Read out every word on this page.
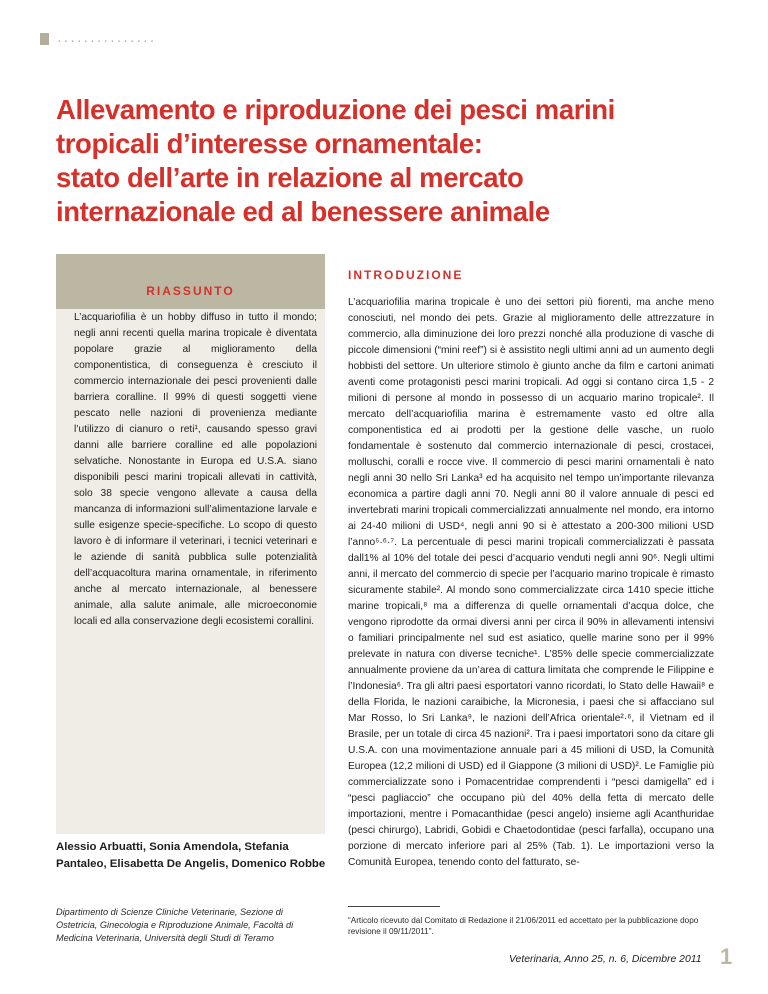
...............
Allevamento e riproduzione dei pesci marini
tropicali d’interesse ornamentale:
stato dell’arte in relazione al mercato
internazionale ed al benessere animale
RIASSUNTO

L’acquariofilia è un hobby diffuso in tutto il mondo; negli anni recenti quella marina tropicale è diventata popolare grazie al miglioramento della componentistica, di conseguenza è cresciuto il commercio internazionale dei pesci provenienti dalle barriera coralline. Il 99% di questi soggetti viene pescato nelle nazioni di provenienza mediante l’utilizzo di cianuro o reti¹, causando spesso gravi danni alle barriere coralline ed alle popolazioni selvatiche. Nonostante in Europa ed U.S.A. siano disponibili pesci marini tropicali allevati in cattività, solo 38 specie vengono allevate a causa della mancanza di informazioni sull’alimentazione larvale e sulle esigenze specie-specifiche. Lo scopo di questo lavoro è di informare il veterinari, i tecnici veterinari e le aziende di sanità pubblica sulle potenzialità dell’acquacoltura marina ornamentale, in riferimento anche al mercato internazionale, al benessere animale, alla salute animale, alle microeconomie locali ed alla conservazione degli ecosistemi corallini.

Alessio Arbuatti, Sonia Amendola, Stefania Pantaleo, Elisabetta De Angelis, Domenico Robbe

Dipartimento di Scienze Cliniche Veterinarie, Sezione di Ostetricia, Ginecologia e Riproduzione Animale, Facoltà di Medicina Veterinaria, Università degli Studi di Teramo

INTRODUZIONE

L’acquariofilia marina tropicale è uno dei settori più fiorenti, ma anche meno conosciuti, nel mondo dei pets. Grazie al miglioramento delle attrezzature in commercio, alla diminuzione dei loro prezzi nonché alla produzione di vasche di piccole dimensioni (“mini reef”) si è assistito negli ultimi anni ad un aumento degli hobbisti del settore. Un ulteriore stimolo è giunto anche da film e cartoni animati aventi come protagonisti pesci marini tropicali. Ad oggi si contano circa 1,5 - 2 milioni di persone al mondo in possesso di un acquario marino tropicale². Il mercato dell’acquariofilia marina è estremamente vasto ed oltre alla componentistica ed ai prodotti per la gestione delle vasche, un ruolo fondamentale è sostenuto dal commercio internazionale di pesci, crostacei, molluschi, coralli e rocce vive. Il commercio di pesci marini ornamentali è nato negli anni 30 nello Sri Lanka³ ed ha acquisito nel tempo un’importante rilevanza economica a partire dagli anni 70. Negli anni 80 il valore annuale di pesci ed invertebrati marini tropicali commercializzati annualmente nel mondo, era intorno ai 24-40 milioni di USD⁴, negli anni 90 si è attestato a 200-300 milioni USD l’anno⁵·⁶·⁷. La percentuale di pesci marini tropicali commercializzati è passata dall1% al 10% del totale dei pesci d’acquario venduti negli anni 90⁶. Negli ultimi anni, il mercato del commercio di specie per l’acquario marino tropicale è rimasto sicuramente stabile². Al mondo sono commercializzate circa 1410 specie ittiche marine tropicali,⁸ ma a differenza di quelle ornamentali d’acqua dolce, che vengono riprodotte da ormai diversi anni per circa il 90% in allevamenti intensivi o familiari principalmente nel sud est asiatico, quelle marine sono per il 99% prelevate in natura con diverse tecniche¹. L’85% delle specie commercializzate annualmente proviene da un’area di cattura limitata che comprende le Filippine e l’Indonesia⁶. Tra gli altri paesi esportatori vanno ricordati, lo Stato delle Hawaii⁸ e della Florida, le nazioni caraibiche, la Micronesia, i paesi che si affacciano sul Mar Rosso, lo Sri Lanka⁹, le nazioni dell’Africa orientale²·⁶, il Vietnam ed il Brasile, per un totale di circa 45 nazioni². Tra i paesi importatori sono da citare gli U.S.A. con una movimentazione annuale pari a 45 milioni di USD, la Comunità Europea (12,2 milioni di USD) ed il Giappone (3 milioni di USD)². Le Famiglie più commercializzate sono i Pomacentridae comprendenti i “pesci damigella” ed i “pesci pagliaccio” che occupano più del 40% della fetta di mercato delle importazioni, mentre i Pomacanthidae (pesci angelo) insieme agli Acanthuridae (pesci chirurgo), Labridi, Gobidi e Chaetodontidae (pesci farfalla), occupano una porzione di mercato inferiore pari al 25% (Tab. 1). Le importazioni verso la Comunità Europea, tenendo conto del fatturato, se-

“Articolo ricevuto dal Comitato di Redazione il 21/06/2011 ed accettato per la pubblicazione dopo revisione il 09/11/2011”.

Veterinaria, Anno 25, n. 6, Dicembre 2011 1
